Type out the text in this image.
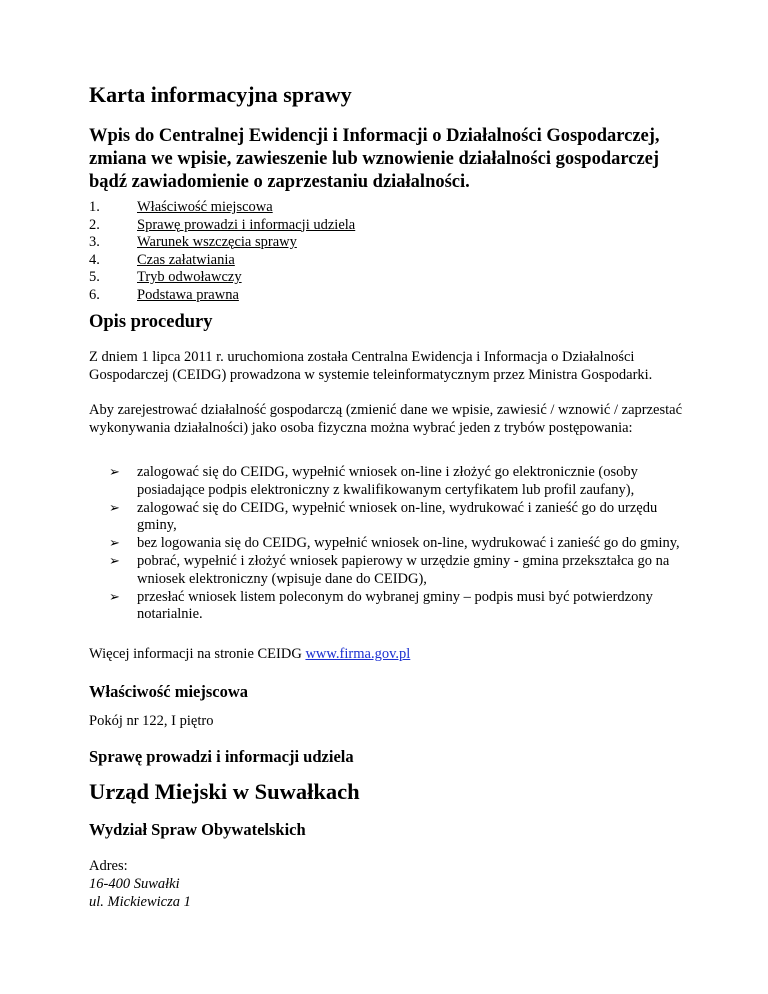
Karta informacyjna sprawy
Wpis do Centralnej Ewidencji i Informacji o Działalności Gospodarczej, zmiana we wpisie, zawieszenie lub wznowienie działalności gospodarczej bądź zawiadomienie o zaprzestaniu działalności.
1.	Właściwość miejscowa
2.	Sprawę prowadzi i informacji udziela
3.	Warunek wszczęcia sprawy
4.	Czas załatwiania
5.	Tryb odwoławczy
6.	Podstawa prawna
Opis procedury

Z dniem 1 lipca 2011 r. uruchomiona została Centralna Ewidencja i Informacja o Działalności Gospodarczej (CEIDG) prowadzona w systemie teleinformatycznym przez Ministra Gospodarki.

Aby zarejestrować działalność gospodarczą (zmienić dane we wpisie, zawiesić / wznowić / zaprzestać wykonywania działalności) jako osoba fizyczna można wybrać jeden z trybów postępowania:

➢ zalogować się do CEIDG, wypełnić wniosek on-line i złożyć go elektronicznie (osoby posiadające podpis elektroniczny z kwalifikowanym certyfikatem lub profil zaufany),
➢ zalogować się do CEIDG, wypełnić wniosek on-line, wydrukować i zanieść go do urzędu gminy,
➢ bez logowania się do CEIDG, wypełnić wniosek on-line, wydrukować i zanieść go do gminy,
➢ pobrać, wypełnić i złożyć wniosek papierowy w urzędzie gminy - gmina przekształca go na wniosek elektroniczny (wpisuje dane do CEIDG),
➢ przesłać wniosek listem poleconym do wybranej gminy – podpis musi być potwierdzony notarialnie.

Więcej informacji na stronie CEIDG www.firma.gov.pl

Właściwość miejscowa

Pokój nr 122, I piętro

Sprawę prowadzi i informacji udziela
Urząd Miejski w Suwałkach
Wydział Spraw Obywatelskich

Adres:

16-400 Suwałki

ul. Mickiewicza 1
